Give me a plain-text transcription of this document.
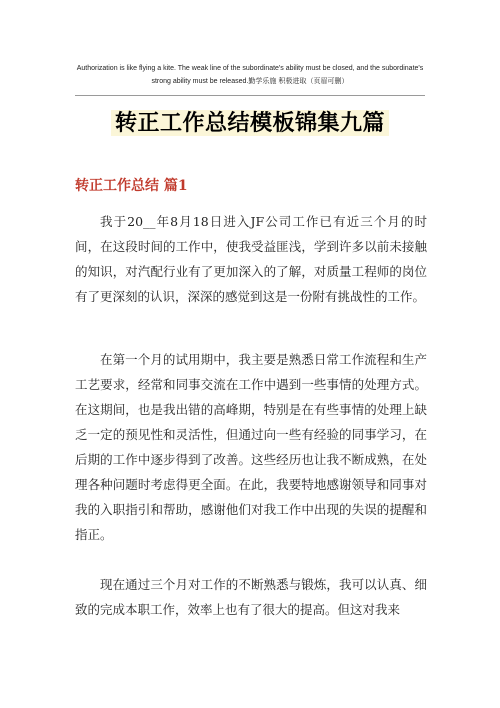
Authorization is like flying a kite. The weak line of the subordinate's ability must be closed, and the subordinate's
strong ability must be released.勤学乐施 积极进取（页眉可删）
转正工作总结模板锦集九篇
转正工作总结 篇1

我于20__年8月18日进入JF公司工作已有近三个月的时间，在这段时间的工作中，使我受益匪浅，学到许多以前未接触的知识，对汽配行业有了更加深入的了解，对质量工程师的岗位有了更深刻的认识，深深的感觉到这是一份附有挑战性的工作。

在第一个月的试用期中，我主要是熟悉日常工作流程和生产工艺要求，经常和同事交流在工作中遇到一些事情的处理方式。在这期间，也是我出错的高峰期，特别是在有些事情的处理上缺乏一定的预见性和灵活性，但通过向一些有经验的同事学习，在后期的工作中逐步得到了改善。这些经历也让我不断成熟，在处理各种问题时考虑得更全面。在此，我要特地感谢领导和同事对我的入职指引和帮助，感谢他们对我工作中出现的失误的提醒和指正。

现在通过三个月对工作的不断熟悉与锻炼，我可以认真、细致的完成本职工作，效率上也有了很大的提高。但这对我来
